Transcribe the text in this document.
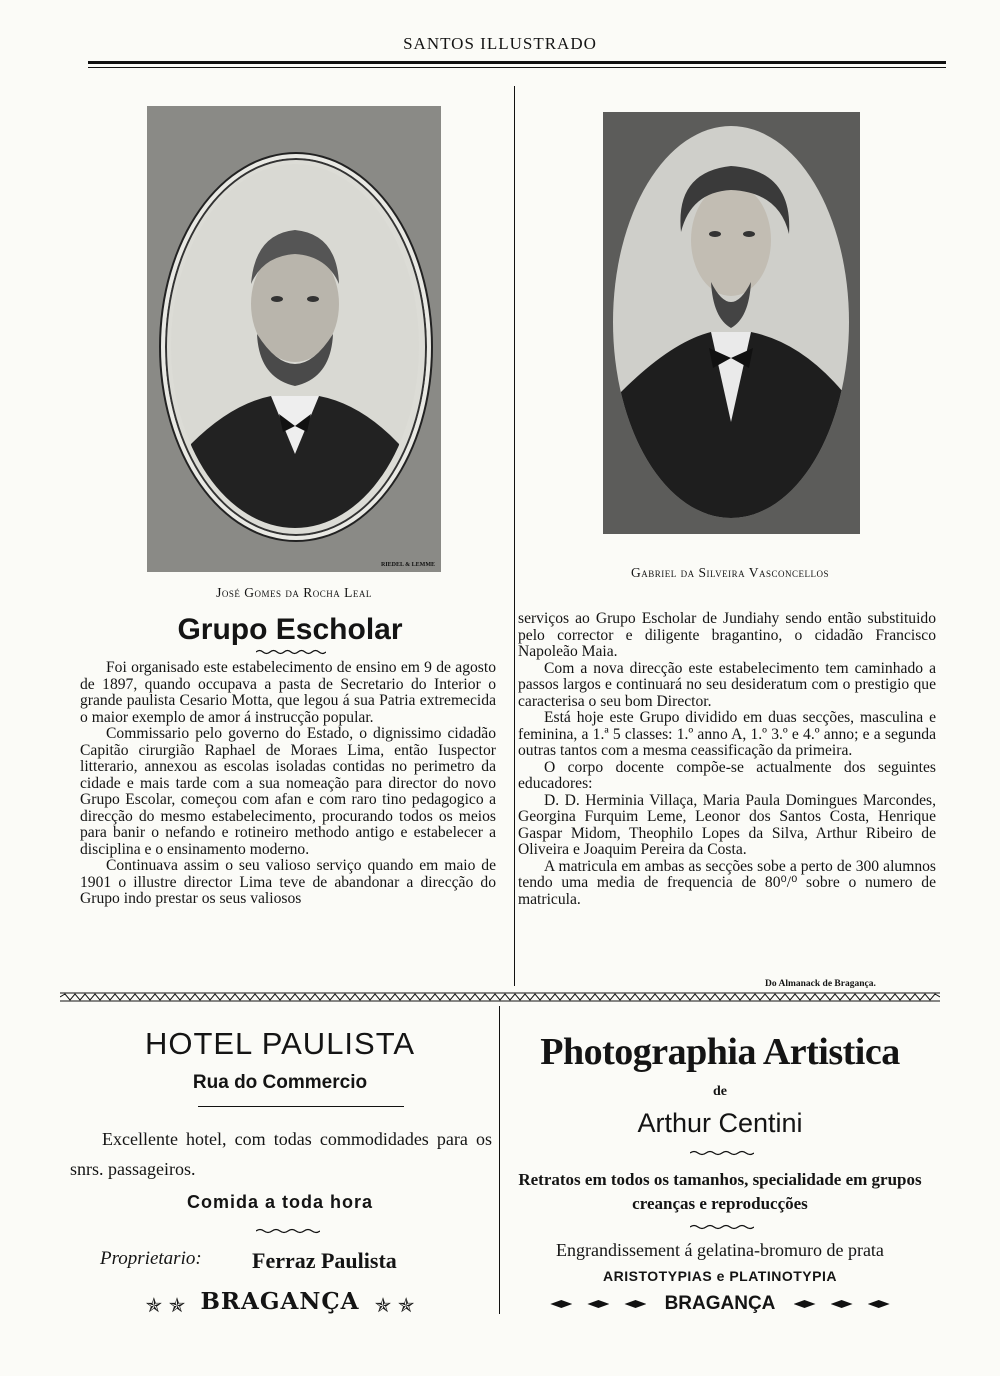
SANTOS ILLUSTRADO
RIEDEL & LEMME
José Gomes da Rocha Leal
Gabriel da Silveira Vasconcellos
Grupo Escholar

Foi organisado este estabelecimento de ensino em 9 de agosto de 1897, quando occupava a pasta de Secretario do Interior o grande paulista Cesario Motta, que legou á sua Patria extremecida o maior exemplo de amor á instrucção popular.

Commissario pelo governo do Estado, o dignissimo cidadão Capitão cirurgião Raphael de Moraes Lima, então Iuspector litterario, annexou as escolas isoladas contidas no perimetro da cidade e mais tarde com a sua nomeação para director do novo Grupo Escolar, começou com afan e com raro tino pedagogico a direcção do mesmo estabelecimento, procurando todos os meios para banir o nefando e rotineiro methodo antigo e estabelecer a disciplina e o ensinamento moderno.

Continuava assim o seu valioso serviço quando em maio de 1901 o illustre director Lima teve de abandonar a direcção do Grupo indo prestar os seus valiosos

serviços ao Grupo Escholar de Jundiahy sendo então substituido pelo corrector e diligente bragantino, o cidadão Francisco Napoleão Maia.

Com a nova direcção este estabelecimento tem caminhado a passos largos e continuará no seu desideratum com o prestigio que caracterisa o seu bom Director.

Está hoje este Grupo dividido em duas secções, masculina e feminina, a 1.ª 5 classes: 1.º anno A, 1.º 3.º e 4.º anno; e a segunda outras tantos com a mesma ceassificação da primeira.

O corpo docente compõe-se actualmente dos seguintes educadores:

D. D. Herminia Villaça, Maria Paula Domingues Marcondes, Georgina Furquim Leme, Leonor dos Santos Costa, Henrique Gaspar Midom, Theophilo Lopes da Silva, Arthur Ribeiro de Oliveira e Joaquim Pereira da Costa.

A matricula em ambas as secções sobe a perto de 300 alumnos tendo uma media de frequencia de 80⁰/⁰ sobre o numero de matricula.

Do Almanack de Bragança.
HOTEL PAULISTA
Rua do Commercio
Excellente hotel, com todas commodidades para os snrs. passageiros.
Comida a toda hora
Proprietario: Ferraz Paulista
✯ ✯ BRAGANÇA ✯ ✯
Photographia Artistica
de
Arthur Centini
Retratos em todos os tamanhos, specialidade em grupos creanças e reproducções
Engrandissement á gelatina-bromuro de prata
ARISTOTYPIAS e PLATINOTYPIA
BRAGANÇA
